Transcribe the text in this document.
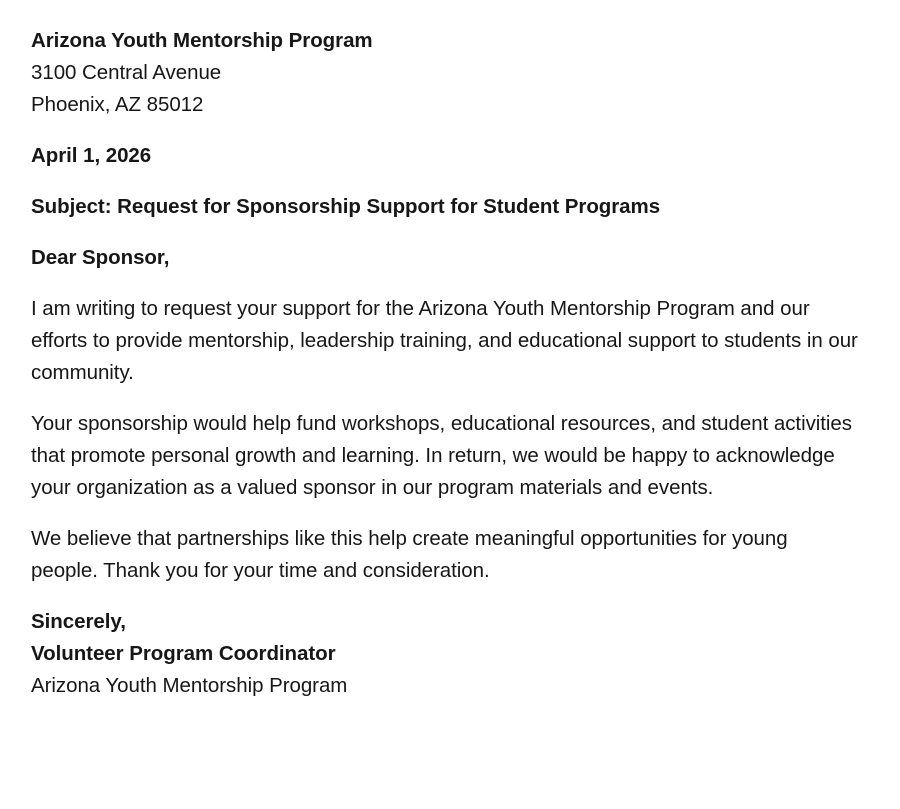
Arizona Youth Mentorship Program
3100 Central Avenue
Phoenix, AZ 85012
April 1, 2026
Subject: Request for Sponsorship Support for Student Programs
Dear Sponsor,

I am writing to request your support for the Arizona Youth Mentorship Program and our efforts to provide mentorship, leadership training, and educational support to students in our community.

Your sponsorship would help fund workshops, educational resources, and student activities that promote personal growth and learning. In return, we would be happy to acknowledge your organization as a valued sponsor in our program materials and events.

We believe that partnerships like this help create meaningful opportunities for young people. Thank you for your time and consideration.

Sincerely,
Volunteer Program Coordinator
Arizona Youth Mentorship Program
